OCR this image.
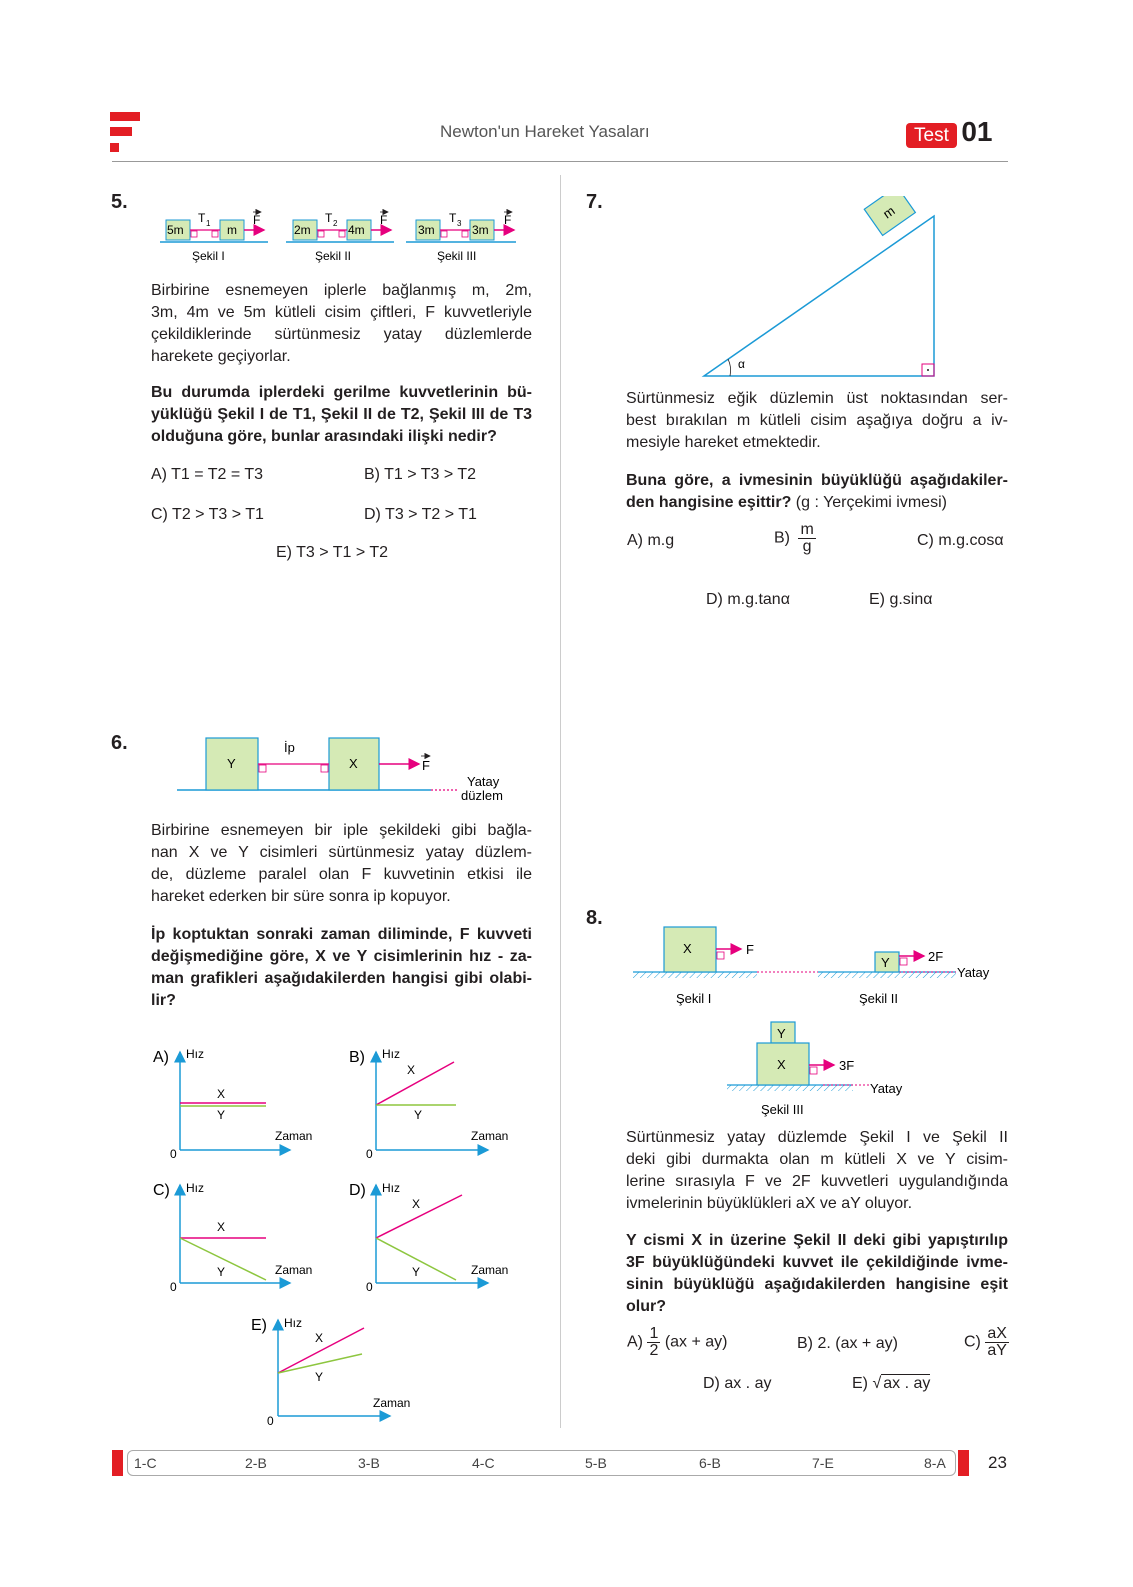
Newton'un Hareket Yasaları	Test 01
5.
5m	m
T 1	F
Şekil I
2m	4m
T 2	F
Şekil II
3m	3m
T 3	F
Şekil III
Birbirine esnemeyen iplerle bağlanmış m, 2m,
3m, 4m ve 5m kütleli cisim çiftleri, F kuvvetleriyle
çekildiklerinde sürtünmesiz yatay düzlemlerde
harekete geçiyorlar.
Bu durumda iplerdeki gerilme kuvvetlerinin bü-
yüklüğü Şekil I de T1, Şekil II de T2, Şekil III de T3
olduğuna göre, bunlar arasındaki ilişki nedir?
A) T1 = T2 = T3	B) T1 > T3 > T2
C) T2 > T3 > T1	D) T3 > T2 > T1
E) T3 > T1 > T2
6.
Y	X
İp
F
Yatay
düzlem
Birbirine esnemeyen bir iple şekildeki gibi bağla-
nan X ve Y cisimleri sürtünmesiz yatay düzlem-
de, düzleme paralel olan F kuvvetinin etkisi ile
hareket ederken bir süre sonra ip kopuyor.
İp koptuktan sonraki zaman diliminde, F kuvveti
değişmediğine göre, X ve Y cisimlerinin hız - za-
man grafikleri aşağıdakilerden hangisi gibi olabi-
lir?
A) Hız
Zaman
0
X
Y
B) Hız
Zaman
0
X
Y
C) Hız
Zaman
0
X
Y
D) Hız
Zaman
0
X
Y
E) Hız
Zaman
0
X
Y
7.
α
m
Sürtünmesiz eğik düzlemin üst noktasından ser-
best bırakılan m kütleli cisim aşağıya doğru a iv-
mesiyle hareket etmektedir.
Buna göre, a ivmesinin büyüklüğü aşağıdakiler-
den hangisine eşittir? (g : Yerçekimi ivmesi)
A) m.g	$B) \frac{m}{g}$	C) m.g.cosα
D) m.g.tanα	E) g.sinα
8.
X	F
Şekil I
Y	2F
Yatay
Şekil II
Y
X	3F
Yatay
Şekil III
Sürtünmesiz yatay düzlemde Şekil I ve Şekil II
deki gibi durmakta olan m kütleli X ve Y cisim-
lerine sırasıyla F ve 2F kuvvetleri uygulandığında
ivmelerinin büyüklükleri aX ve aY oluyor.
Y cismi X in üzerine Şekil II deki gibi yapıştırılıp
3F büyüklüğündeki kuvvet ile çekildiğinde ivme-
sinin büyüklüğü aşağıdakilerden hangisine eşit
olur?
$A) \frac{1}{2} (ax + ay)$	B) 2. (ax + ay)	$C) \frac{aX}{aY}$
D) ax . ay	E) √ ax . ay
1-C	2-B	3-B	4-C	5-B	6-B	7-E	8-A 23
